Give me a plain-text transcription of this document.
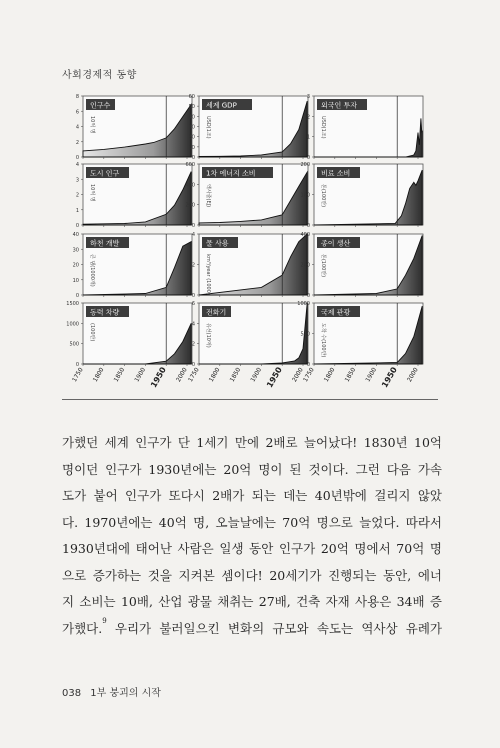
사회경제적 동향
0
2
4
6
8
인구수
10억 명
0
10
20
30
40
50
60
세계 GDP
USD(1조)
0
1
2
3
외국인 투자
USD(1조)
0
1
2
3
4
도시 인구
10억 명
0
200
400
600
1차 에너지 소비
엑사줄(EJ)
0
100
200
비료 소비
톤(100만)
0
10
20
30
40
하천 개발
큰 댐(1000개)
0
2
4
물 사용
km³/year (1000)
0
200
400
종이 생산
톤(100만)
0
500
1000
1500
동력 차량
(100만)
1750 1800 1850 1900 1950 2000
0
2
4
6
전화기
유선(10억)
1750 1800 1850 1900 1950 2000
0
500
1000
국제 관광
도착 수(100만)
1750 1800 1850 1900 1950 2000
가했던 세계 인구가 단 1세기 만에 2배로 늘어났다! 1830년 10억
명이던 인구가 1930년에는 20억 명이 된 것이다. 그런 다음 가속
도가 붙어 인구가 또다시 2배가 되는 데는 40년밖에 걸리지 않았
다. 1970년에는 40억 명, 오늘날에는 70억 명으로 늘었다. 따라서
1930년대에 태어난 사람은 일생 동안 인구가 20억 명에서 70억 명
으로 증가하는 것을 지켜본 셈이다! 20세기가 진행되는 동안, 에너
지 소비는 10배, 산업 광물 채취는 27배, 건축 자재 사용은 34배 증
가했다.$^9$ 우리가 불러일으킨 변화의 규모와 속도는 역사상 유례가
038 1부 붕괴의 시작
